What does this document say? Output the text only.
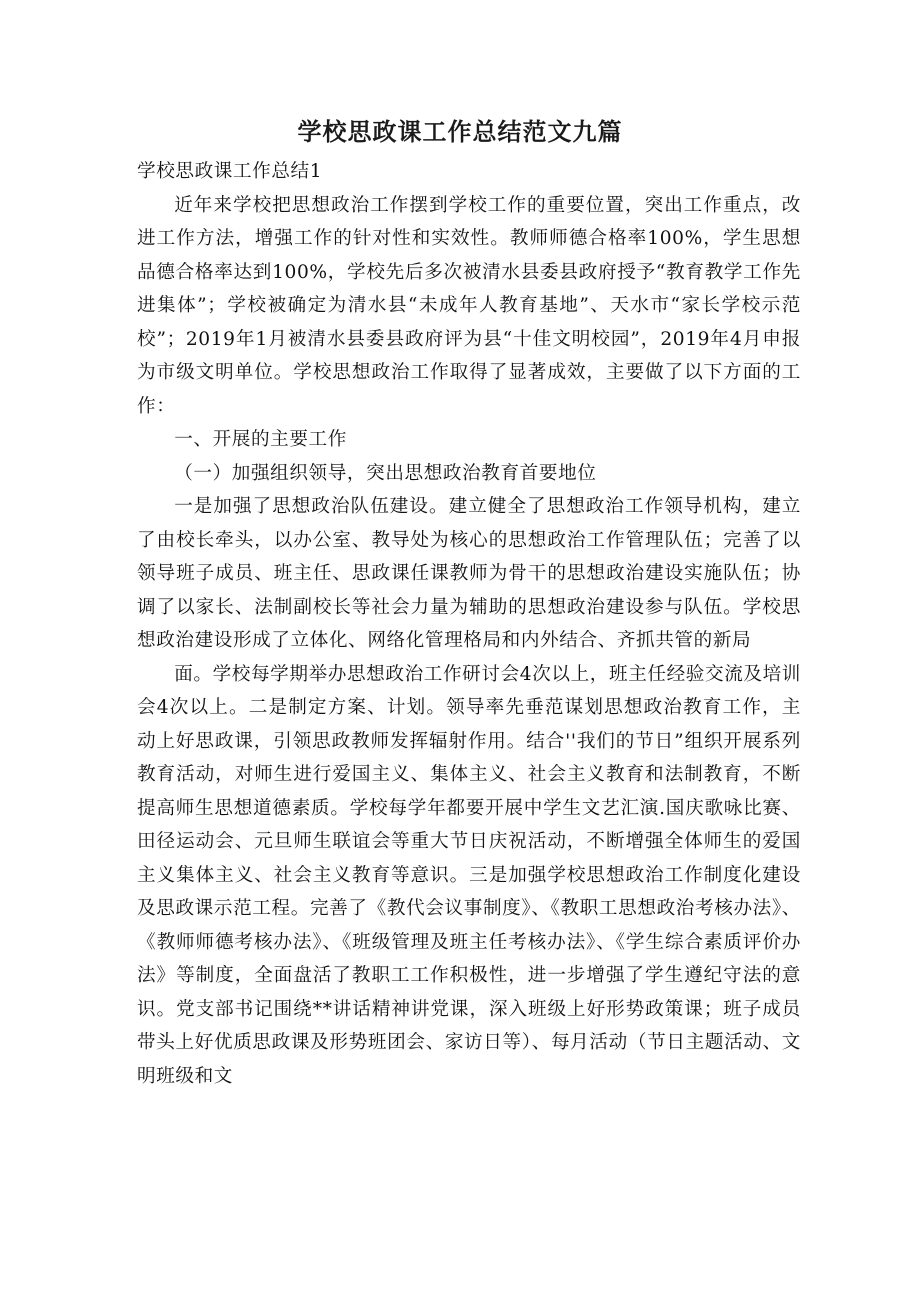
学校思政课工作总结范文九篇

学校思政课工作总结1

近年来学校把思想政治工作摆到学校工作的重要位置，突出工作重点，改进工作方法，增强工作的针对性和实效性。教师师德合格率100%，学生思想品德合格率达到100%，学校先后多次被清水县委县政府授予“教育教学工作先进集体”；学校被确定为清水县“未成年人教育基地”、天水市“家长学校示范校”；2019年1月被清水县委县政府评为县“十佳文明校园”，2019年4月申报为市级文明单位。学校思想政治工作取得了显著成效，主要做了以下方面的工作：

一、开展的主要工作

（一）加强组织领导，突出思想政治教育首要地位

一是加强了思想政治队伍建设。建立健全了思想政治工作领导机构，建立了由校长牵头，以办公室、教导处为核心的思想政治工作管理队伍；完善了以领导班子成员、班主任、思政课任课教师为骨干的思想政治建设实施队伍；协调了以家长、法制副校长等社会力量为辅助的思想政治建设参与队伍。学校思想政治建设形成了立体化、网络化管理格局和内外结合、齐抓共管的新局

面。学校每学期举办思想政治工作研讨会4次以上，班主任经验交流及培训会4次以上。二是制定方案、计划。领导率先垂范谋划思想政治教育工作，主动上好思政课，引领思政教师发挥辐射作用。结合''我们的节日”组织开展系列教育活动，对师生进行爱国主义、集体主义、社会主义教育和法制教育，不断提高师生思想道德素质。学校每学年都要开展中学生文艺汇演.国庆歌咏比赛、田径运动会、元旦师生联谊会等重大节日庆祝活动，不断增强全体师生的爱国主义集体主义、社会主义教育等意识。三是加强学校思想政治工作制度化建设及思政课示范工程。完善了《教代会议事制度》、《教职工思想政治考核办法》、《教师师德考核办法》、《班级管理及班主任考核办法》、《学生综合素质评价办法》等制度，全面盘活了教职工工作积极性，进一步增强了学生遵纪守法的意识。党支部书记围绕**讲话精神讲党课，深入班级上好形势政策课；班子成员带头上好优质思政课及形势班团会、家访日等）、每月活动（节日主题活动、文明班级和文
